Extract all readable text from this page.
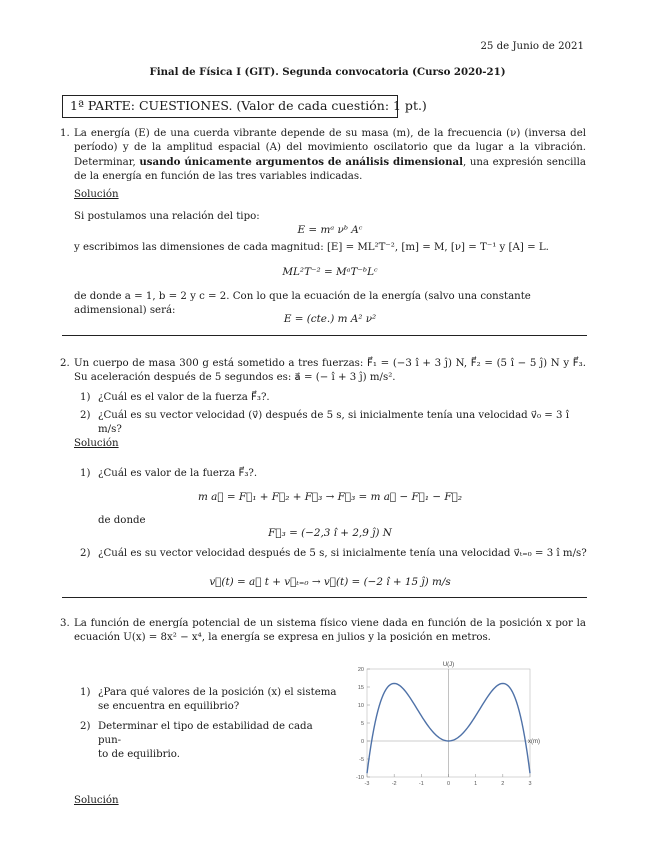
25 de Junio de 2021
Final de Física I (GIT). Segunda convocatoria (Curso 2020-21)
1ª PARTE: CUESTIONES. (Valor de cada cuestión: 1 pt.)
1. La energía (E) de una cuerda vibrante depende de su masa (m), de la frecuencia (ν) (inversa del período) y de la amplitud espacial (A) del movimiento oscilatorio que da lugar a la vibración. Determinar, usando únicamente argumentos de análisis dimensional, una expresión sencilla de la energía en función de las tres variables indicadas.
Solución
Si postulamos una relación del tipo:
E = mᵃ νᵇ Aᶜ
y escribimos las dimensiones de cada magnitud: [E] = ML²T⁻², [m] = M, [ν] = T⁻¹ y [A] = L.
ML²T⁻² = MᵃT⁻ᵇLᶜ
de donde a = 1, b = 2 y c = 2. Con lo que la ecuación de la energía (salvo una constante adimensional) será:
E = (cte.) m A² ν²
2. Un cuerpo de masa 300 g está sometido a tres fuerzas: F⃗₁ = (−3 î + 3 ĵ) N, F⃗₂ = (5 î − 5 ĵ) N y F⃗₃. Su aceleración después de 5 segundos es: a⃗ = (− î + 3 ĵ) m/s².
1) ¿Cuál es el valor de la fuerza F⃗₃?.
2) ¿Cuál es su vector velocidad (v⃗) después de 5 s, si inicialmente tenía una velocidad v⃗₀ = 3 î m/s?
Solución
1) ¿Cuál es valor de la fuerza F⃗₃?.
m a⃗ = F⃗₁ + F⃗₂ + F⃗₃ → F⃗₃ = m a⃗ − F⃗₁ − F⃗₂
de donde
F⃗₃ = (−2,3 î + 2,9 ĵ) N
2) ¿Cuál es su vector velocidad después de 5 s, si inicialmente tenía una velocidad v⃗ₜ₌₀ = 3 î m/s?
v⃗(t) = a⃗ t + v⃗ₜ₌₀ → v⃗(t) = (−2 î + 15 ĵ) m/s
3. La función de energía potencial de un sistema físico viene dada en función de la posición x por la ecuación U(x) = 8x² − x⁴, la energía se expresa en julios y la posición en metros.
1) ¿Para qué valores de la posición (x) el sistema
se encuentra en equilibrio?
2) Determinar el tipo de estabilidad de cada pun-
to de equilibrio.
-3	-2	-1	0	1	2	3
20
15
10
5
0
-5
-10
U(J)
x(m)
Solución
